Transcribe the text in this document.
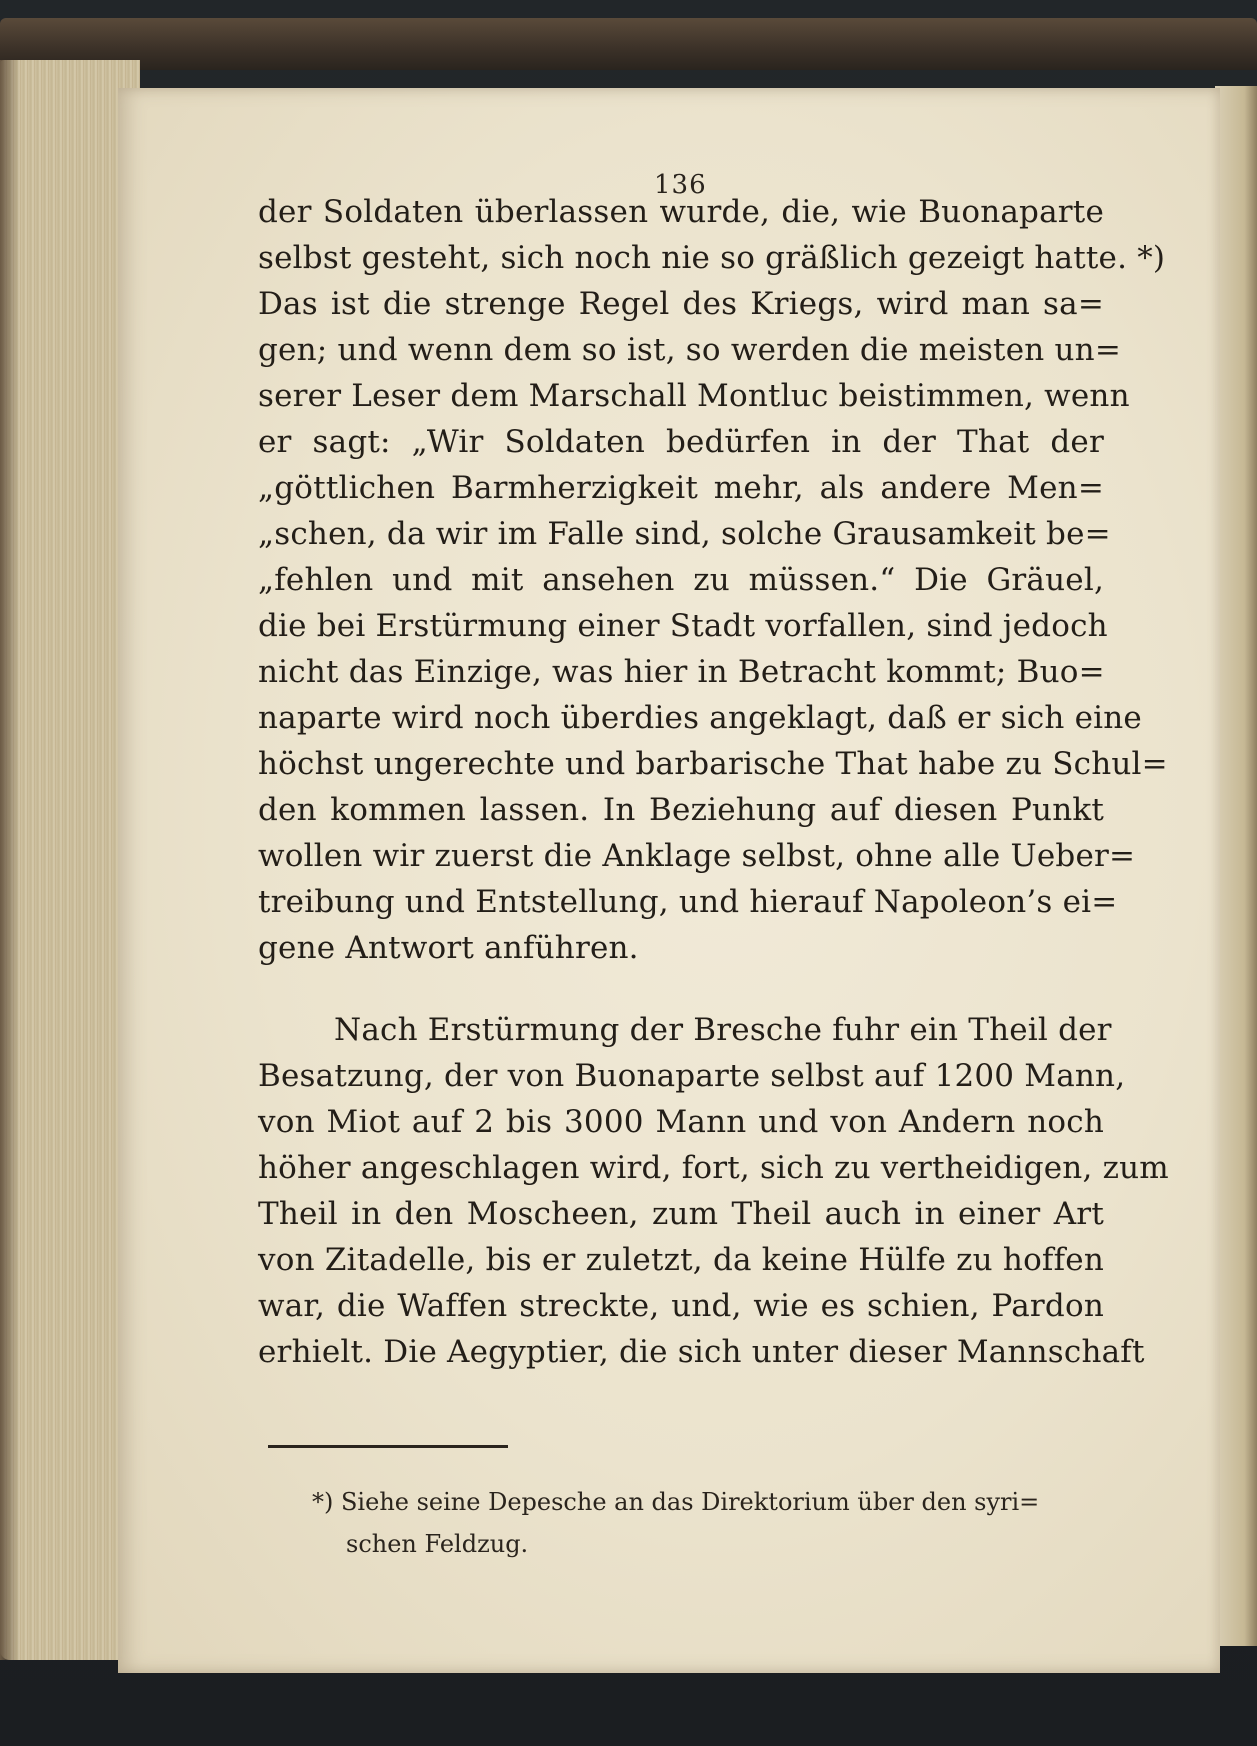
136
der Soldaten überlassen wurde, die, wie Buonaparte
selbst gesteht, sich noch nie so gräßlich gezeigt hatte. *)
Das ist die strenge Regel des Kriegs, wird man sa=
gen; und wenn dem so ist, so werden die meisten un=
serer Leser dem Marschall Montluc beistimmen, wenn
er sagt: „Wir Soldaten bedürfen in der That der
„göttlichen Barmherzigkeit mehr, als andere Men=
„schen, da wir im Falle sind, solche Grausamkeit be=
„fehlen und mit ansehen zu müssen.“ Die Gräuel,
die bei Erstürmung einer Stadt vorfallen, sind jedoch
nicht das Einzige, was hier in Betracht kommt; Buo=
naparte wird noch überdies angeklagt, daß er sich eine
höchst ungerechte und barbarische That habe zu Schul=
den kommen lassen. In Beziehung auf diesen Punkt
wollen wir zuerst die Anklage selbst, ohne alle Ueber=
treibung und Entstellung, und hierauf Napoleon’s ei=
gene Antwort anführen.
Nach Erstürmung der Bresche fuhr ein Theil der
Besatzung, der von Buonaparte selbst auf 1200 Mann,
von Miot auf 2 bis 3000 Mann und von Andern noch
höher angeschlagen wird, fort, sich zu vertheidigen, zum
Theil in den Moscheen, zum Theil auch in einer Art
von Zitadelle, bis er zuletzt, da keine Hülfe zu hoffen
war, die Waffen streckte, und, wie es schien, Pardon
erhielt. Die Aegyptier, die sich unter dieser Mannschaft
*) Siehe seine Depesche an das Direktorium über den syri=
schen Feldzug.
